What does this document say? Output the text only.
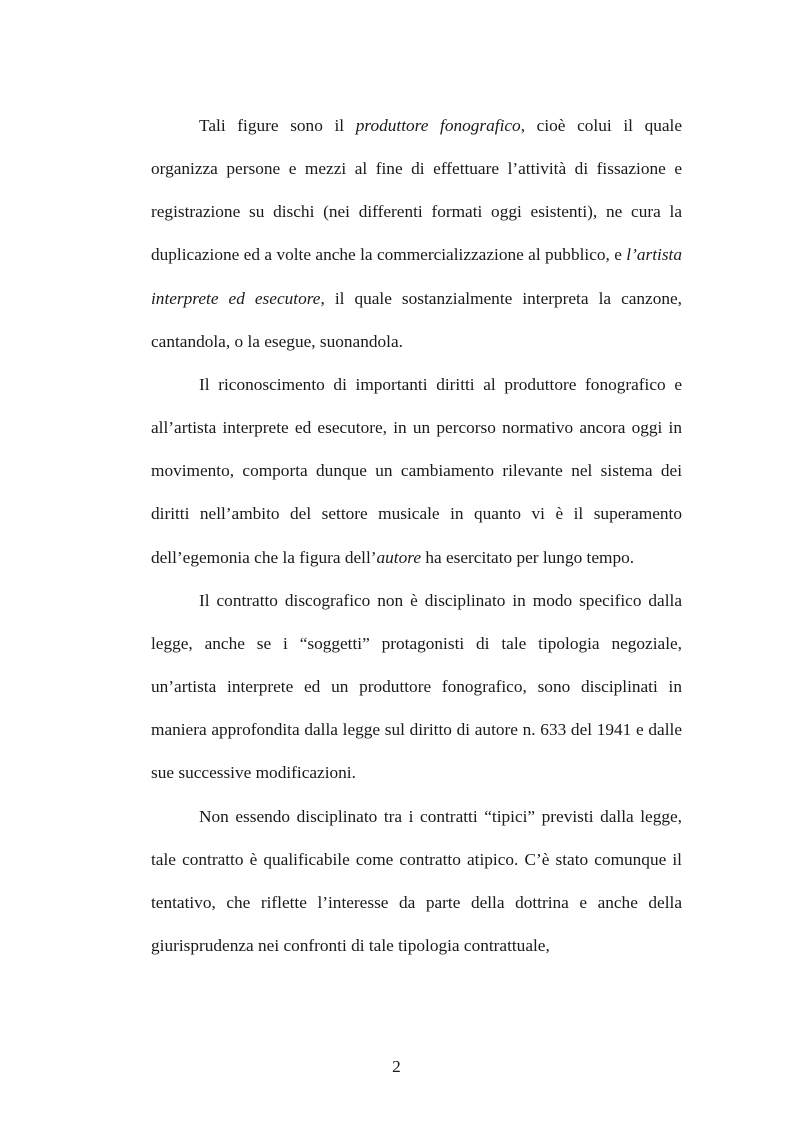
Tali figure sono il produttore fonografico, cioè colui il quale organizza persone e mezzi al fine di effettuare l’attività di fissazione e registrazione su dischi (nei differenti formati oggi esistenti), ne cura la duplicazione ed a volte anche la commercializzazione al pubblico, e l’artista interprete ed esecutore, il quale sostanzialmente interpreta la canzone, cantandola, o la esegue, suonandola.

Il riconoscimento di importanti diritti al produttore fonografico e all’artista interprete ed esecutore, in un percorso normativo ancora oggi in movimento, comporta dunque un cambiamento rilevante nel sistema dei diritti nell’ambito del settore musicale in quanto vi è il superamento dell’egemonia che la figura dell’autore ha esercitato per lungo tempo.

Il contratto discografico non è disciplinato in modo specifico dalla legge, anche se i “soggetti” protagonisti di tale tipologia negoziale, un’artista interprete ed un produttore fonografico, sono disciplinati in maniera approfondita dalla legge sul diritto di autore n. 633 del 1941 e dalle sue successive modificazioni.

Non essendo disciplinato tra i contratti “tipici” previsti dalla legge, tale contratto è qualificabile come contratto atipico. C’è stato comunque il tentativo, che riflette l’interesse da parte della dottrina e anche della giurisprudenza nei confronti di tale tipologia contrattuale,

2
